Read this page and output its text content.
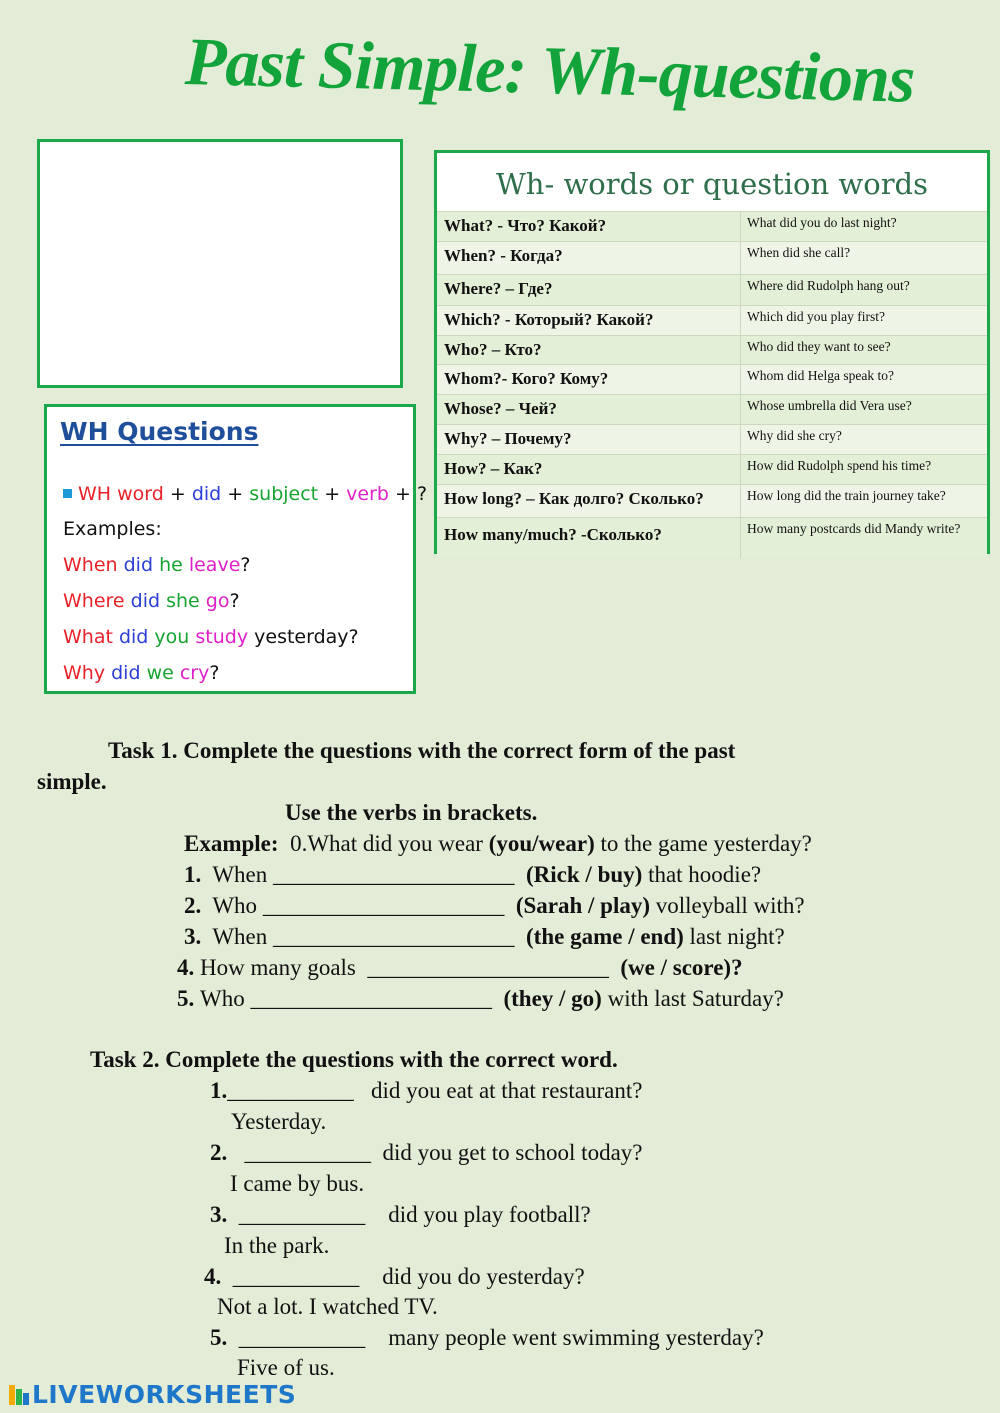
Past Simple: Wh-questions
WH Questions
WH word + did + subject + verb + ?
Examples:
When did he leave?
Where did she go?
What did you study yesterday?
Why did we cry?
Wh- words or question words
What? - Что? Какой?	What did you do last night?
When? - Когда?	When did she call?
Where? – Где?	Where did Rudolph hang out?
Which? - Который? Какой?	Which did you play first?
Who? – Кто?	Who did they want to see?
Whom?- Кого? Кому?	Whom did Helga speak to?
Whose? – Чей?	Whose umbrella did Vera use?
Why? – Почему?	Why did she cry?
How? – Как?	How did Rudolph spend his time?
How long? – Как долго? Сколько?	How long did the train journey take?
How many/much? -Сколько?	How many postcards did Mandy write?
Task 1. Complete the questions with the correct form of the past
simple.
Use the verbs in brackets.
Example: 0.What did you wear (you/wear) to the game yesterday?
1. When _____________________ (Rick / buy) that hoodie?
2. Who _____________________ (Sarah / play) volleyball with?
3. When _____________________ (the game / end) last night?
4. How many goals _____________________ (we / score)?
5. Who _____________________ (they / go) with last Saturday?
Task 2. Complete the questions with the correct word.
1.___________ did you eat at that restaurant?
Yesterday.
2. ___________ did you get to school today?
I came by bus.
3. ___________ did you play football?
In the park.
4. ___________ did you do yesterday?
Not a lot. I watched TV.
5. ___________ many people went swimming yesterday?
Five of us.
LIVEWORKSHEETS
